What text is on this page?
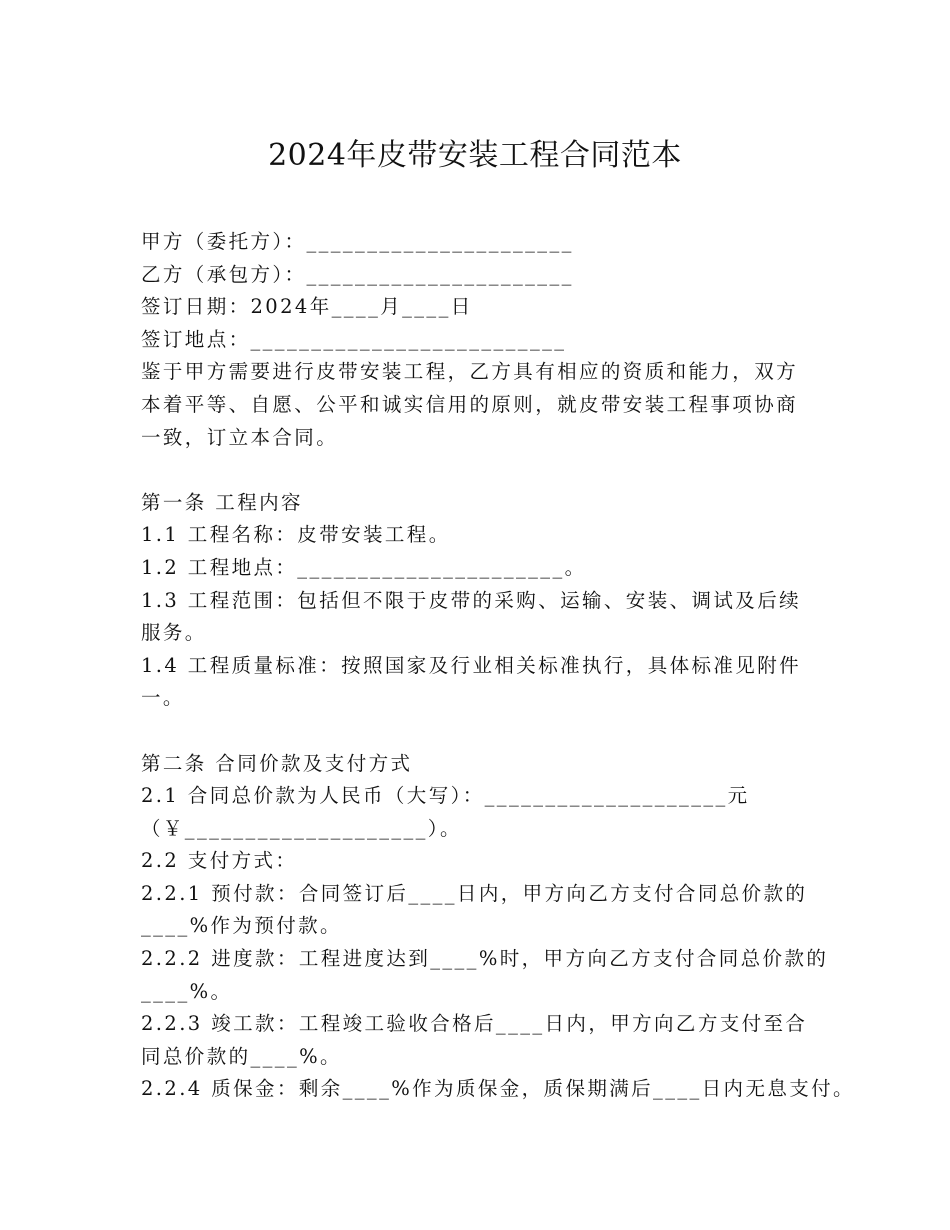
2024年皮带安装工程合同范本
甲方（委托方）：______________________
乙方（承包方）：______________________
签订日期：2024年____月____日
签订地点：__________________________
鉴于甲方需要进行皮带安装工程，乙方具有相应的资质和能力，双方
本着平等、自愿、公平和诚实信用的原则，就皮带安装工程事项协商
一致，订立本合同。
第一条 工程内容
1.1 工程名称：皮带安装工程。
1.2 工程地点：______________________。
1.3 工程范围：包括但不限于皮带的采购、运输、安装、调试及后续
服务。
1.4 工程质量标准：按照国家及行业相关标准执行，具体标准见附件
一。
第二条 合同价款及支付方式
2.1 合同总价款为人民币（大写）：____________________元
（￥____________________）。
2.2 支付方式：
2.2.1 预付款：合同签订后____日内，甲方向乙方支付合同总价款的
____%作为预付款。
2.2.2 进度款：工程进度达到____%时，甲方向乙方支付合同总价款的
____%。
2.2.3 竣工款：工程竣工验收合格后____日内，甲方向乙方支付至合
同总价款的____%。
2.2.4 质保金：剩余____%作为质保金，质保期满后____日内无息支付。
